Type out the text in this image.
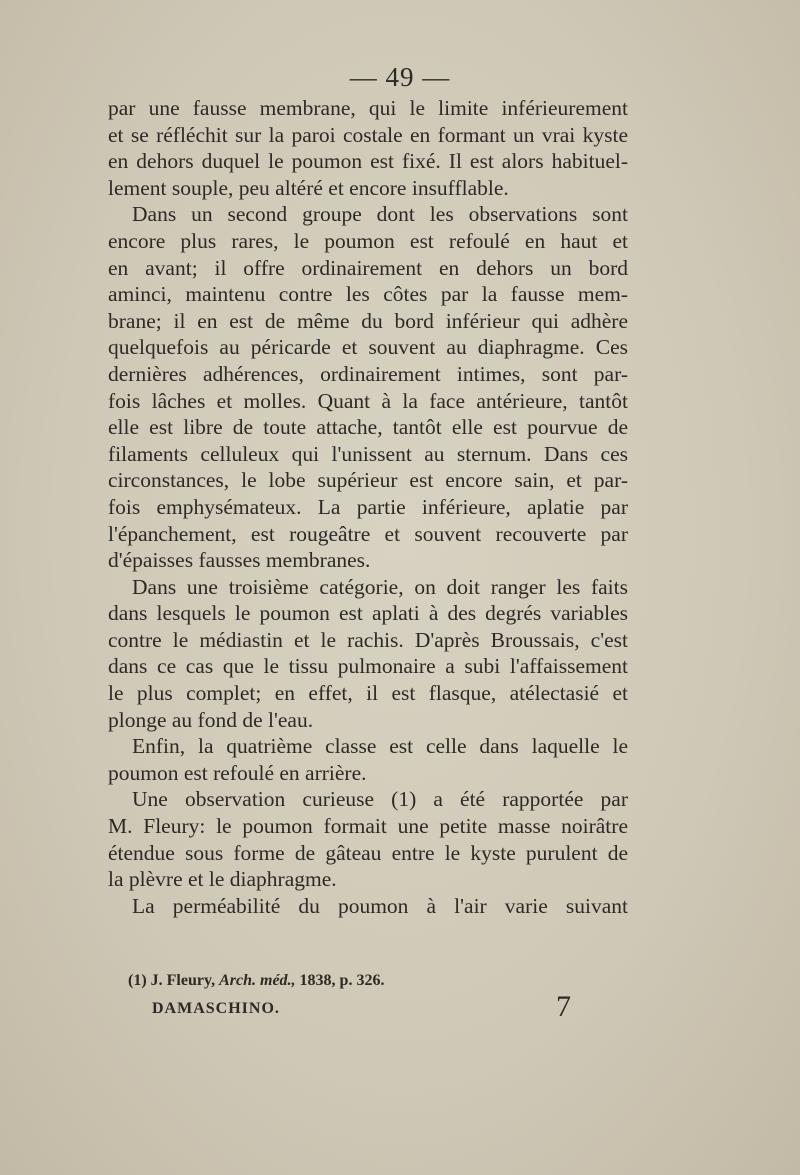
— 49 —
par une fausse membrane, qui le limite inférieurement
et se réfléchit sur la paroi costale en formant un vrai kyste
en dehors duquel le poumon est fixé. Il est alors habituel-
lement souple, peu altéré et encore insufflable.
Dans un second groupe dont les observations sont
encore plus rares, le poumon est refoulé en haut et
en avant; il offre ordinairement en dehors un bord
aminci, maintenu contre les côtes par la fausse mem-
brane; il en est de même du bord inférieur qui adhère
quelquefois au péricarde et souvent au diaphragme. Ces
dernières adhérences, ordinairement intimes, sont par-
fois lâches et molles. Quant à la face antérieure, tantôt
elle est libre de toute attache, tantôt elle est pourvue de
filaments celluleux qui l'unissent au sternum. Dans ces
circonstances, le lobe supérieur est encore sain, et par-
fois emphysémateux. La partie inférieure, aplatie par
l'épanchement, est rougeâtre et souvent recouverte par
d'épaisses fausses membranes.
Dans une troisième catégorie, on doit ranger les faits
dans lesquels le poumon est aplati à des degrés variables
contre le médiastin et le rachis. D'après Broussais, c'est
dans ce cas que le tissu pulmonaire a subi l'affaissement
le plus complet; en effet, il est flasque, atélectasié et
plonge au fond de l'eau.
Enfin, la quatrième classe est celle dans laquelle le
poumon est refoulé en arrière.
Une observation curieuse (1) a été rapportée par
M. Fleury: le poumon formait une petite masse noirâtre
étendue sous forme de gâteau entre le kyste purulent de
la plèvre et le diaphragme.
La perméabilité du poumon à l'air varie suivant
(1) J. Fleury, Arch. méd., 1838, p. 326.
DAMASCHINO.	7
